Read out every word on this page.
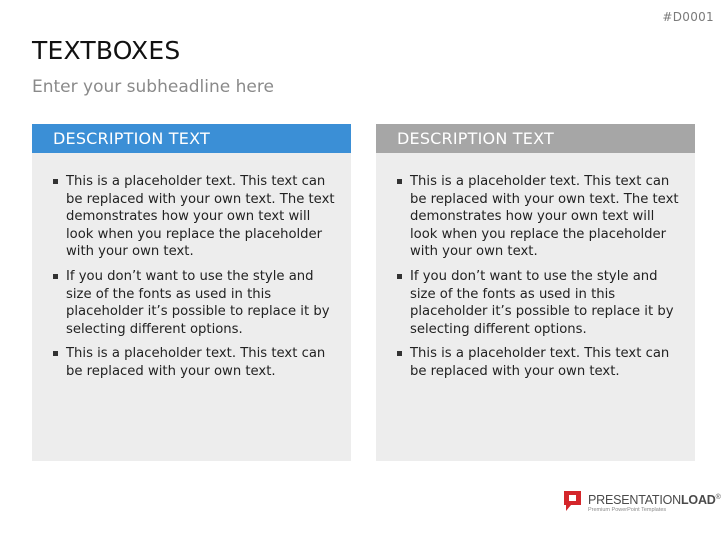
#D0001
TEXTBOXES
Enter your subheadline here
DESCRIPTION TEXT
This is a placeholder text. This text can be replaced with your own text. The text demonstrates how your own text will look when you replace the placeholder with your own text.
If you don’t want to use the style and size of the fonts as used in this placeholder it’s possible to replace it by selecting different options.
This is a placeholder text. This text can be replaced with your own text.
DESCRIPTION TEXT
This is a placeholder text. This text can be replaced with your own text. The text demonstrates how your own text will look when you replace the placeholder with your own text.
If you don’t want to use the style and size of the fonts as used in this placeholder it’s possible to replace it by selecting different options.
This is a placeholder text. This text can be replaced with your own text.
PRESENTATIONLOAD®
Premium PowerPoint Templates
